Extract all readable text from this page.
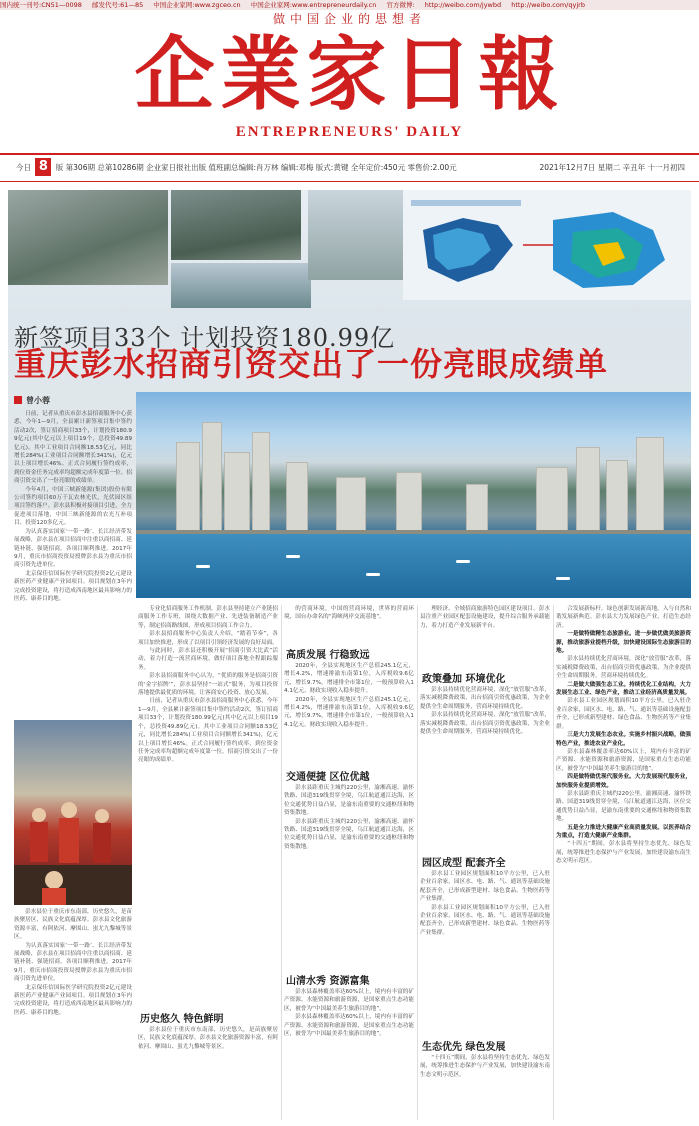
国内统一刊号:CN51—0098 邮发代号:61—85 中国企业家网:www.zgceo.cn 中国企业家网:www.entrepreneurdaily.cn 官方微博: http://weibo.com/jywbd http://weibo.com/qyjrb
做中国企业的思想者
企業家日報
ENTREPRENEURS' DAILY
今日 8 版 第306期 总第10286期 企业家日报社出版 值班副总编辑:肖万林 编辑:邓梅 版式:黄键 全年定价:450元 零售价:2.00元	2021年12月7日 星期二 辛丑年 十一月初四
新签项目33个 计划投资180.99亿
重庆彭水招商引资交出了一份亮眼成绩单
曾小蓉

日前，记者从重庆市彭水县招商服务中心获悉，今年1—9月，全县累计新签项目集中签约活动2次，签订招商项目33个，计划投资180.99亿元(其中亿元以上项目19个，总投资49.89亿元)。其中工业项目合同额18.53亿元，同比增长284%(工业项目合同额增长341%)，亿元以上项目增长46%。正式合同履行签约成率，到位资金任务完成率均超额完成年度第一位。招商引资交出了一份亮眼的成绩单。

今年4月，中国三峡新能源(集团)股份有限公司签约项目60万千瓦农林光伏，光伏园区组项目签约落户。彭水县积极对接项目引进，全力促进项目落地，中国三峡新能源的农光互补项目、投资120多亿元。

为认真落实国家‘一带一路’、长江经济带发展战略，彭水县在项目招商中注重以商招商、延链补链、强链招商，各项目顺利推进。2017年9月，重庆市招商投资局授牌彭水县为重庆市招商引资先进单位。

北京保佳信国际医学研究院投资2亿元建设新医药产业健康产业园项目。项目规划在3年内完成投资建设，将打造成西南地区最具影响力的医药、康养目的地。

彭水县位于重庆市东南部，历史悠久，是苗族聚居区，民族文化底蕴深厚。彭水县文化旅游资源丰富，有阿依河、摩围山、蚩尤九黎城等景区。

为认真落实国家‘一带一路’、长江经济带发展战略，彭水县在项目招商中注重以商招商、延链补链、强链招商，各项目顺利推进。2017年9月，重庆市招商投资局授牌彭水县为重庆市招商引资先进单位。

北京保佳信国际医学研究院投资2亿元建设新医药产业健康产业园项目。项目规划在3年内完成投资建设，将打造成西南地区最具影响力的医药、康养目的地。

专业化招商服务工作机制。彭水县坚持建立产业链招商服务工作专班，围绕大数据产业、先进装备制造产业等，制定招商路线图，形成项目招商工作合力。

彭水县招商服务中心负责人介绍，“踏着节奏”，各项目加快推进，形成了以项目引领经济发展的良好局面。

与此同时，彭水县还积极开展“招商引资大比武”活动，着力打造一流营商环境，做好项目落地全程跟踪服务。

彭水县招商服务中心认为，“优质的服务是招商引资的‘金字招牌’”，彭水县坚持“一站式”服务，为项目投资落地提供最优质的环境，让客商安心投资、放心发展。

日前，记者从重庆市彭水县招商服务中心获悉，今年1—9月，全县累计新签项目集中签约活动2次，签订招商项目33个，计划投资180.99亿元(其中亿元以上项目19个，总投资49.89亿元)。其中工业项目合同额18.53亿元，同比增长284%(工业项目合同额增长341%)，亿元以上项目增长46%。正式合同履行签约成率，到位资金任务完成率均超额完成年度第一位。招商引资交出了一份亮眼的成绩单。

历史悠久 特色鲜明

彭水县位于重庆市东南部，历史悠久，是苗族聚居区，民族文化底蕴深厚。彭水县文化旅游资源丰富，有阿依河、摩围山、蚩尤九黎城等景区。

的营商环境，中国的营商环境，世界的营商环境，国台办命名的“海峡两岸交流基地”。

高质发展 行稳致远

2020年，全县实现地区生产总值245.1亿元，增长4.2%，增速排渝东南第1位，入库税收9.6亿元，增长9.7%，增速排全市第1位，一般预算收入14.1亿元，财政实现收入稳步提升。

2020年，全县实现地区生产总值245.1亿元，增长4.2%，增速排渝东南第1位，入库税收9.6亿元，增长9.7%，增速排全市第1位，一般预算收入14.1亿元，财政实现收入稳步提升。

交通便捷 区位优越

彭水县距重庆主城约220公里，渝湘高速、渝怀铁路、国道319线贯穿全境，乌江航道通江达海，区位交通优势日益凸显，是渝东南重要的交通枢纽和物资集散地。

彭水县距重庆主城约220公里，渝湘高速、渝怀铁路、国道319线贯穿全境，乌江航道通江达海，区位交通优势日益凸显，是渝东南重要的交通枢纽和物资集散地。

山清水秀 资源富集

彭水县森林覆盖率达60%以上，境内有丰富的矿产资源、水能资源和旅游资源，是国家重点生态功能区，被誉为“中国最美养生旅游目的地”。

彭水县森林覆盖率达60%以上，境内有丰富的矿产资源、水能资源和旅游资源，是国家重点生态功能区，被誉为“中国最美养生旅游目的地”。

理经济、全域招商旅游特色园区建设项目。彭水县注重产业园区配套设施建设，提升综合服务承载能力，着力打造产业发展新平台。

政策叠加 环境优化

彭水县持续优化营商环境，深化“放管服”改革，落实减税降费政策，出台招商引资优惠政策，为企业提供全生命周期服务，营商环境持续优化。

彭水县持续优化营商环境，深化“放管服”改革，落实减税降费政策，出台招商引资优惠政策，为企业提供全生命周期服务，营商环境持续优化。

园区成型 配套齐全

彭水县工业园区规划面积10平方公里，已入驻企业百余家，园区水、电、路、气、通讯等基础设施配套齐全，已形成新型建材、绿色食品、生物医药等产业集群。

彭水县工业园区规划面积10平方公里，已入驻企业百余家，园区水、电、路、气、通讯等基础设施配套齐全，已形成新型建材、绿色食品、生物医药等产业集群。

生态优先 绿色发展

“十四五”期间，彭水县将坚持生态优先、绿色发展，统筹推进生态保护与产业发展，加快建设渝东南生态文明示范区。

合发展新标杆，绿色创新发展新高地。入与自然和谐发展新典范。彭水县大力发展绿色产业，打造生态经济。

一是做特做精生态旅游业。进一步做优做美旅游资源，推动旅游业提档升级，加快建设国际生态旅游目的地。

彭水县持续优化营商环境，深化“放管服”改革，落实减税降费政策，出台招商引资优惠政策，为企业提供全生命周期服务，营商环境持续优化。

二是做大做强生态工业。持续优化工业结构，大力发展生态工业、绿色产业，推动工业经济高质量发展。

彭水县工业园区规划面积10平方公里，已入驻企业百余家，园区水、电、路、气、通讯等基础设施配套齐全，已形成新型建材、绿色食品、生物医药等产业集群。

三是大力发展生态农业。实施乡村振兴战略，做强特色产业，推进农业产业化。

彭水县森林覆盖率达60%以上，境内有丰富的矿产资源、水能资源和旅游资源，是国家重点生态功能区，被誉为“中国最美养生旅游目的地”。

四是做特做优现代服务业。大力发展现代服务业，加快服务业提质增效。

彭水县距重庆主城约220公里，渝湘高速、渝怀铁路、国道319线贯穿全境，乌江航道通江达海，区位交通优势日益凸显，是渝东南重要的交通枢纽和物资集散地。

五是全力推进大健康产业高质量发展。以医养结合为重点，打造大健康产业集群。

“十四五”期间，彭水县将坚持生态优先、绿色发展，统筹推进生态保护与产业发展，加快建设渝东南生态文明示范区。
